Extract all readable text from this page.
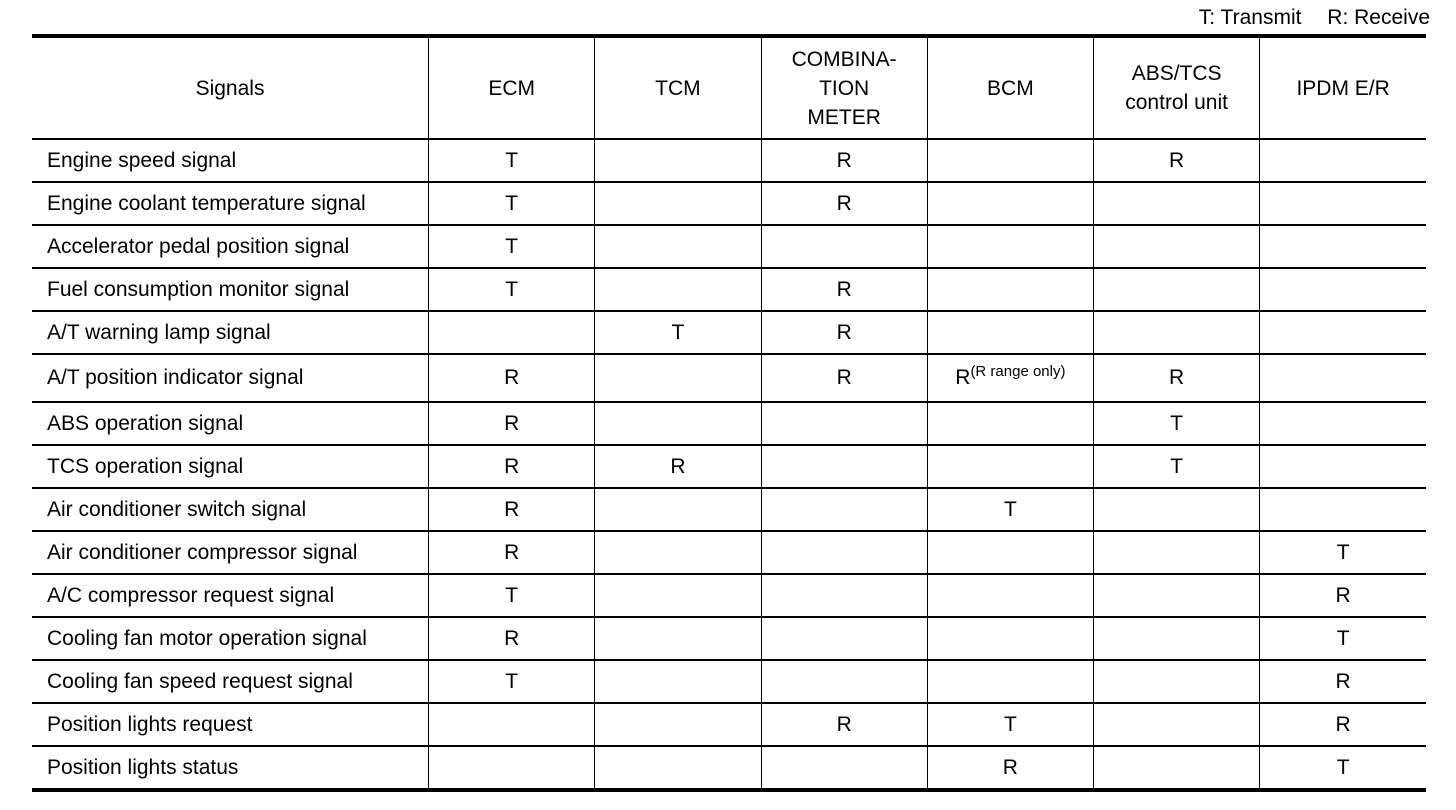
T: Transmit R: Receive
Signals	ECM	TCM	COMBINA-
TION
METER	BCM	ABS/TCS
control unit	IPDM E/R
Engine speed signal	T		R		R	
Engine coolant temperature signal	T		R			
Accelerator pedal position signal	T					
Fuel consumption monitor signal	T		R			
A/T warning lamp signal		T	R			
A/T position indicator signal	R		R	R$^{(R range only)}$	R	
ABS operation signal	R				T	
TCS operation signal	R	R			T	
Air conditioner switch signal	R			T		
Air conditioner compressor signal	R					T
A/C compressor request signal	T					R
Cooling fan motor operation signal	R					T
Cooling fan speed request signal	T					R
Position lights request			R	T		R
Position lights status				R		T
